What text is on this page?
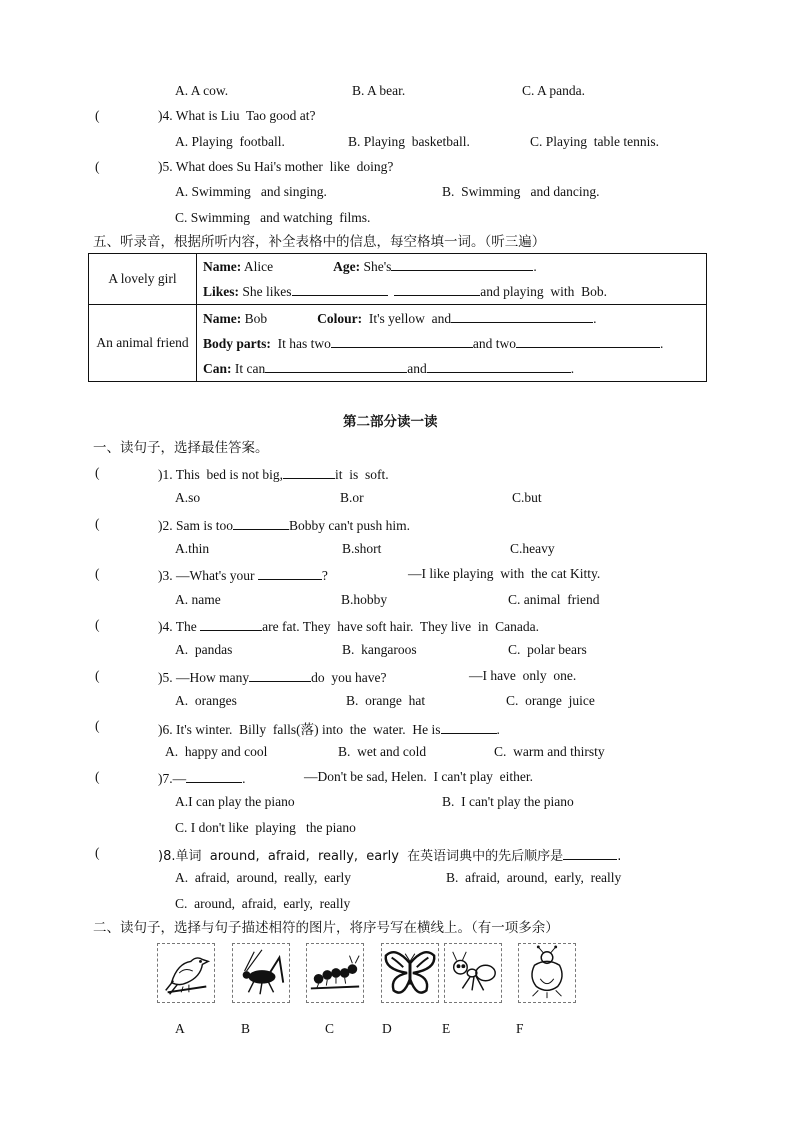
A. A cow.	B. A bear.	C. A panda.
(	)4. What is Liu  Tao good at?
A. Playing  football.	B. Playing  basketball.	C. Playing  table tennis.
(	)5. What does Su Hai's mother  like  doing?
A. Swimming   and singing.	B.  Swimming   and dancing.
C. Swimming   and watching  films.
五、听录音，根据所听内容，补全表格中的信息，每空格填一词。（听三遍）
A lovely girl	Name: Alice Age: She's .
Likes: She likes and playing  with  Bob.

An animal friend	Name: Bob Colour:  It's yellow  and .
Body parts:  It has two and two .
Can: It can and .
第二部分读一读
一、读句子，选择最佳答案。
(	)1. This  bed is not big,	it  is  soft.
A.so	B.or	C.but
(	)2. Sam is too	Bobby can't push him.
A.thin	B.short	C.heavy
(	)3. —What's your	?	—I like playing  with  the cat Kitty.
A. name	B.hobby	C. animal  friend
(	)4. The	are fat. They  have soft hair.  They live  in  Canada.
A.  pandas	B.  kangaroos	C.  polar bears
(	)5. —How many	do  you have?	—I have  only  one.
A.  oranges	B.  orange  hat	C.  orange  juice
(	)6. It's winter.  Billy  falls(落) into  the  water.  He is	.
A.  happy and cool	B.  wet and cold	C.  warm and thirsty
(	)7.—	.	—Don't be sad, Helen.  I can't play  either.
A.I can play the piano	B.  I can't play the piano
C. I don't like  playing   the piano
(	)8.单词  around,  afraid,  really,  early  在英语词典中的先后顺序是	.
A.  afraid,  around,  really,  early	B.  afraid,  around,  early,  really
C.  around,  afraid,  early,  really
二、读句子，选择与句子描述相符的图片，将序号写在横线上。（有一项多余）
A	B	C	D	E	F
